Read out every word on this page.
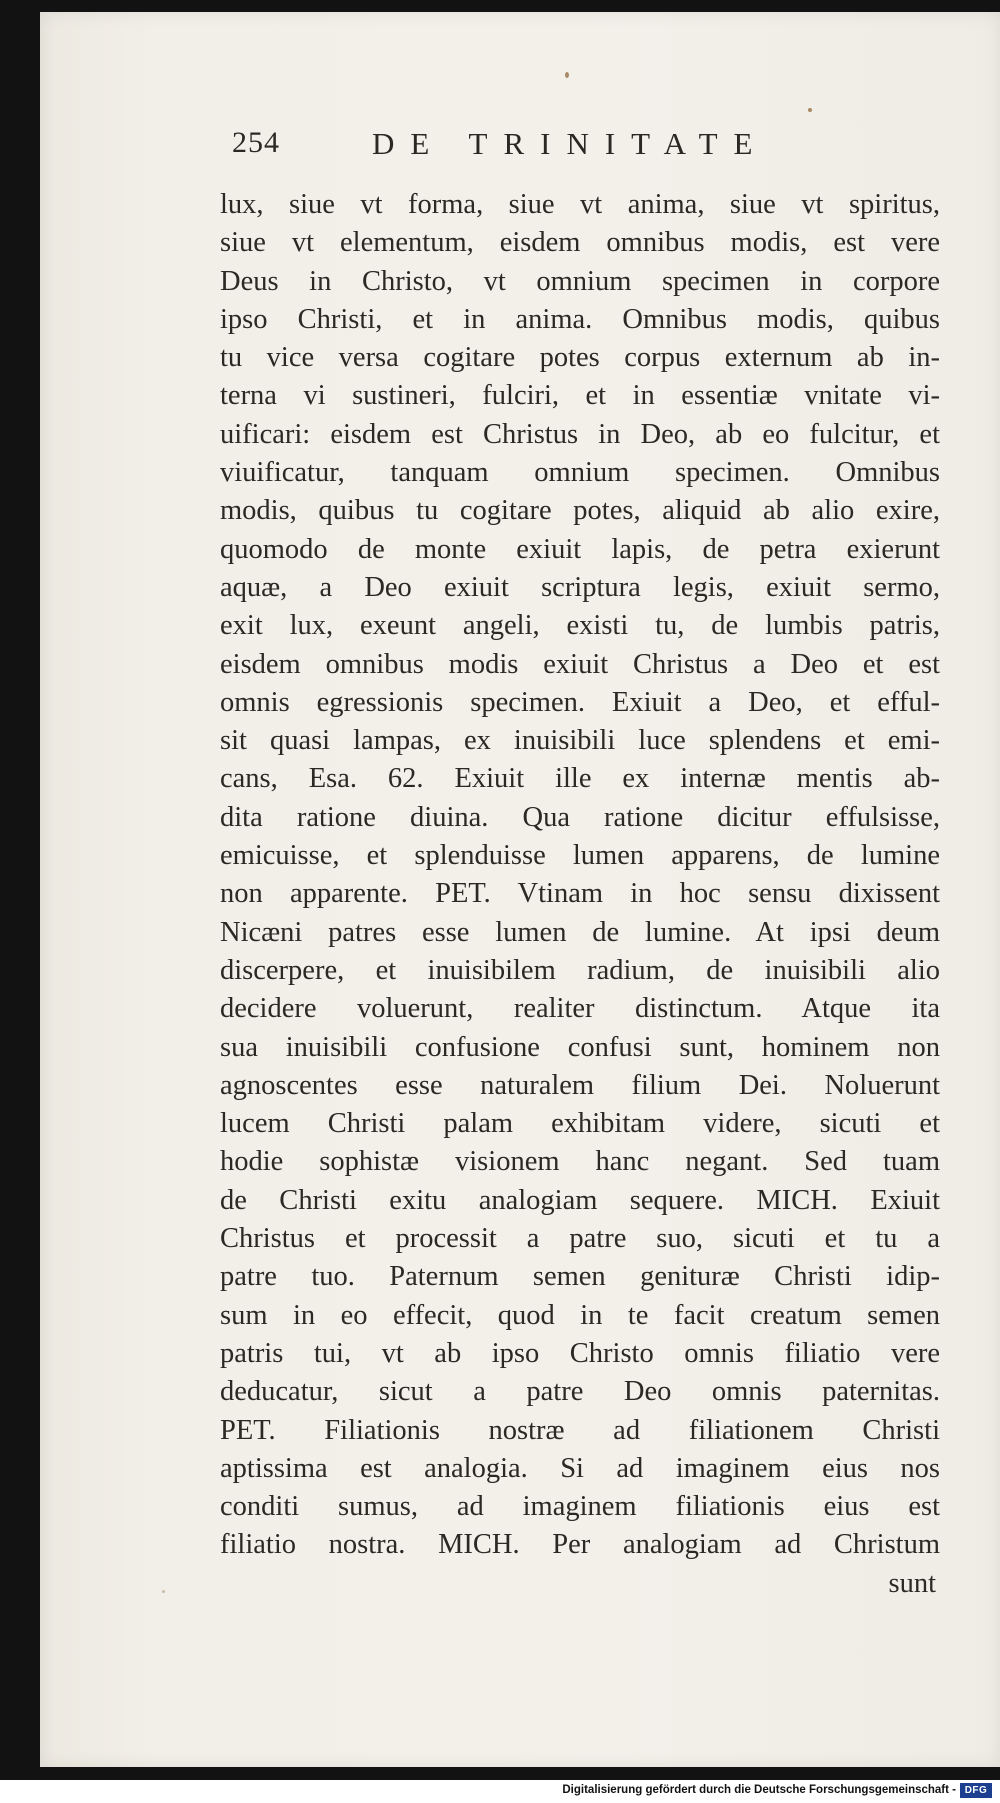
254	DE TRINITATE
lux, siue vt forma, siue vt anima, siue vt spiritus,
siue vt elementum, eisdem omnibus modis, est vere
Deus in Christo, vt omnium specimen in corpore
ipso Christi, et in anima. Omnibus modis, quibus
tu vice versa cogitare potes corpus externum ab in-
terna vi sustineri, fulciri, et in essentiæ vnitate vi-
uificari: eisdem est Christus in Deo, ab eo fulcitur, et
viuificatur, tanquam omnium specimen. Omnibus
modis, quibus tu cogitare potes, aliquid ab alio exire,
quomodo de monte exiuit lapis, de petra exierunt
aquæ, a Deo exiuit scriptura legis, exiuit sermo,
exit lux, exeunt angeli, existi tu, de lumbis patris,
eisdem omnibus modis exiuit Christus a Deo et est
omnis egressionis specimen. Exiuit a Deo, et efful-
sit quasi lampas, ex inuisibili luce splendens et emi-
cans, Esa. 62. Exiuit ille ex internæ mentis ab-
dita ratione diuina. Qua ratione dicitur effulsisse,
emicuisse, et splenduisse lumen apparens, de lumine
non apparente. PET. Vtinam in hoc sensu dixissent
Nicæni patres esse lumen de lumine. At ipsi deum
discerpere, et inuisibilem radium, de inuisibili alio
decidere voluerunt, realiter distinctum. Atque ita
sua inuisibili confusione confusi sunt, hominem non
agnoscentes esse naturalem filium Dei. Noluerunt
lucem Christi palam exhibitam videre, sicuti et
hodie sophistæ visionem hanc negant. Sed tuam
de Christi exitu analogiam sequere. MICH. Exiuit
Christus et processit a patre suo, sicuti et tu a
patre tuo. Paternum semen genituræ Christi idip-
sum in eo effecit, quod in te facit creatum semen
patris tui, vt ab ipso Christo omnis filiatio vere
deducatur, sicut a patre Deo omnis paternitas.
PET. Filiationis nostræ ad filiationem Christi
aptissima est analogia. Si ad imaginem eius nos
conditi sumus, ad imaginem filiationis eius est
filiatio nostra. MICH. Per analogiam ad Christum
sunt
Digitalisierung gefördert durch die Deutsche Forschungsgemeinschaft - DFG
